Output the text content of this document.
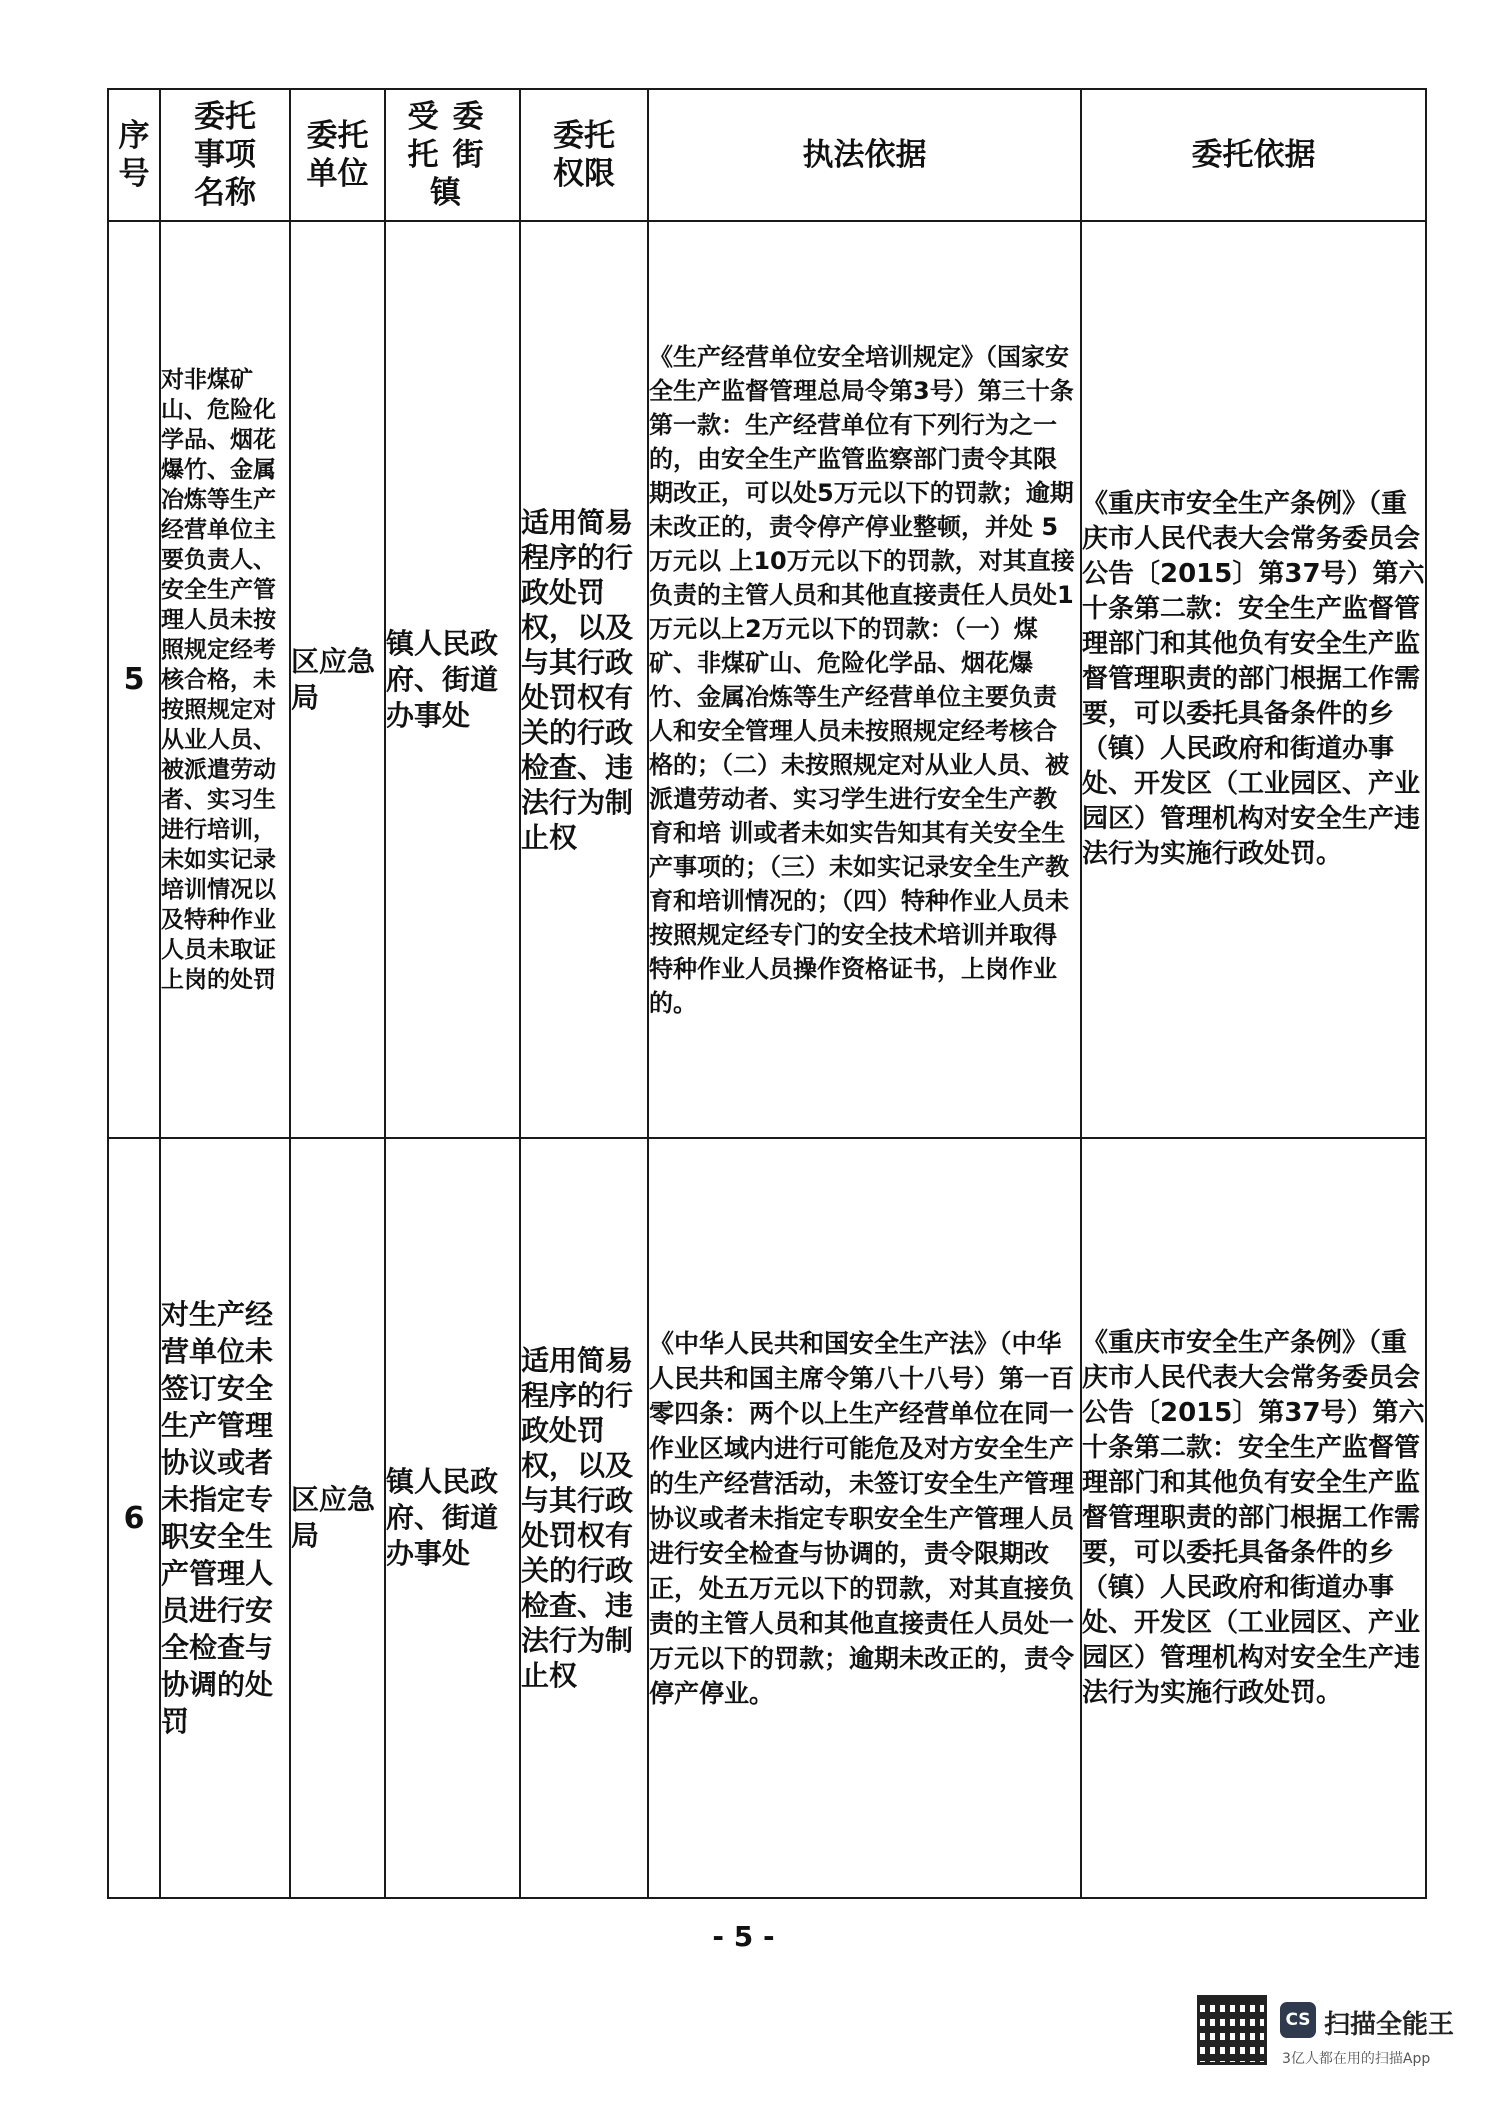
序号	委托事项名称	委托单位	受委托街镇	委托权限	执法依据	委托依据
5	对非煤矿山、危险化学品、烟花爆竹、金属冶炼等生产经营单位主要负责人、安全生产管理人员未按照规定经考核合格，未按照规定对从业人员、被派遣劳动者、实习生进行培训，未如实记录培训情况以及特种作业人员未取证上岗的处罚	区应急局	镇人民政府、街道办事处	适用简易程序的行政处罚权，以及与其行政处罚权有关的行政检查、违法行为制止权	《生产经营单位安全培训规定》（国家安全生产监督管理总局令第3号）第三十条第一款：生产经营单位有下列行为之一的，由安全生产监管监察部门责令其限期改正，可以处5万元以下的罚款；逾期未改正的，责令停产停业整顿，并处 5 万元以 上10万元以下的罚款，对其直接负责的主管人员和其他直接责任人员处1万元以上2万元以下的罚款：（一）煤矿、非煤矿山、危险化学品、烟花爆竹、金属冶炼等生产经营单位主要负责人和安全管理人员未按照规定经考核合格的；（二）未按照规定对从业人员、被派遣劳动者、实习学生进行安全生产教育和培 训或者未如实告知其有关安全生产事项的；（三）未如实记录安全生产教育和培训情况的；（四）特种作业人员未按照规定经专门的安全技术培训并取得特种作业人员操作资格证书，上岗作业的。	《重庆市安全生产条例》（重庆市人民代表大会常务委员会公告〔2015〕第37号）第六十条第二款：安全生产监督管理部门和其他负有安全生产监督管理职责的部门根据工作需要，可以委托具备条件的乡（镇）人民政府和街道办事处、开发区（工业园区、产业园区）管理机构对安全生产违法行为实施行政处罚。
6	对生产经营单位未签订安全生产管理协议或者未指定专职安全生产管理人员进行安全检查与协调的处罚	区应急局	镇人民政府、街道办事处	适用简易程序的行政处罚权，以及与其行政处罚权有关的行政检查、违法行为制止权	《中华人民共和国安全生产法》（中华人民共和国主席令第八十八号）第一百零四条：两个以上生产经营单位在同一作业区域内进行可能危及对方安全生产的生产经营活动，未签订安全生产管理协议或者未指定专职安全生产管理人员进行安全检查与协调的，责令限期改正，处五万元以下的罚款，对其直接负责的主管人员和其他直接责任人员处一万元以下的罚款；逾期未改正的，责令停产停业。	《重庆市安全生产条例》（重庆市人民代表大会常务委员会公告〔2015〕第37号）第六十条第二款：安全生产监督管理部门和其他负有安全生产监督管理职责的部门根据工作需要，可以委托具备条件的乡（镇）人民政府和街道办事处、开发区（工业园区、产业园区）管理机构对安全生产违法行为实施行政处罚。
- 5 -
CS 扫描全能王
3亿人都在用的扫描App
